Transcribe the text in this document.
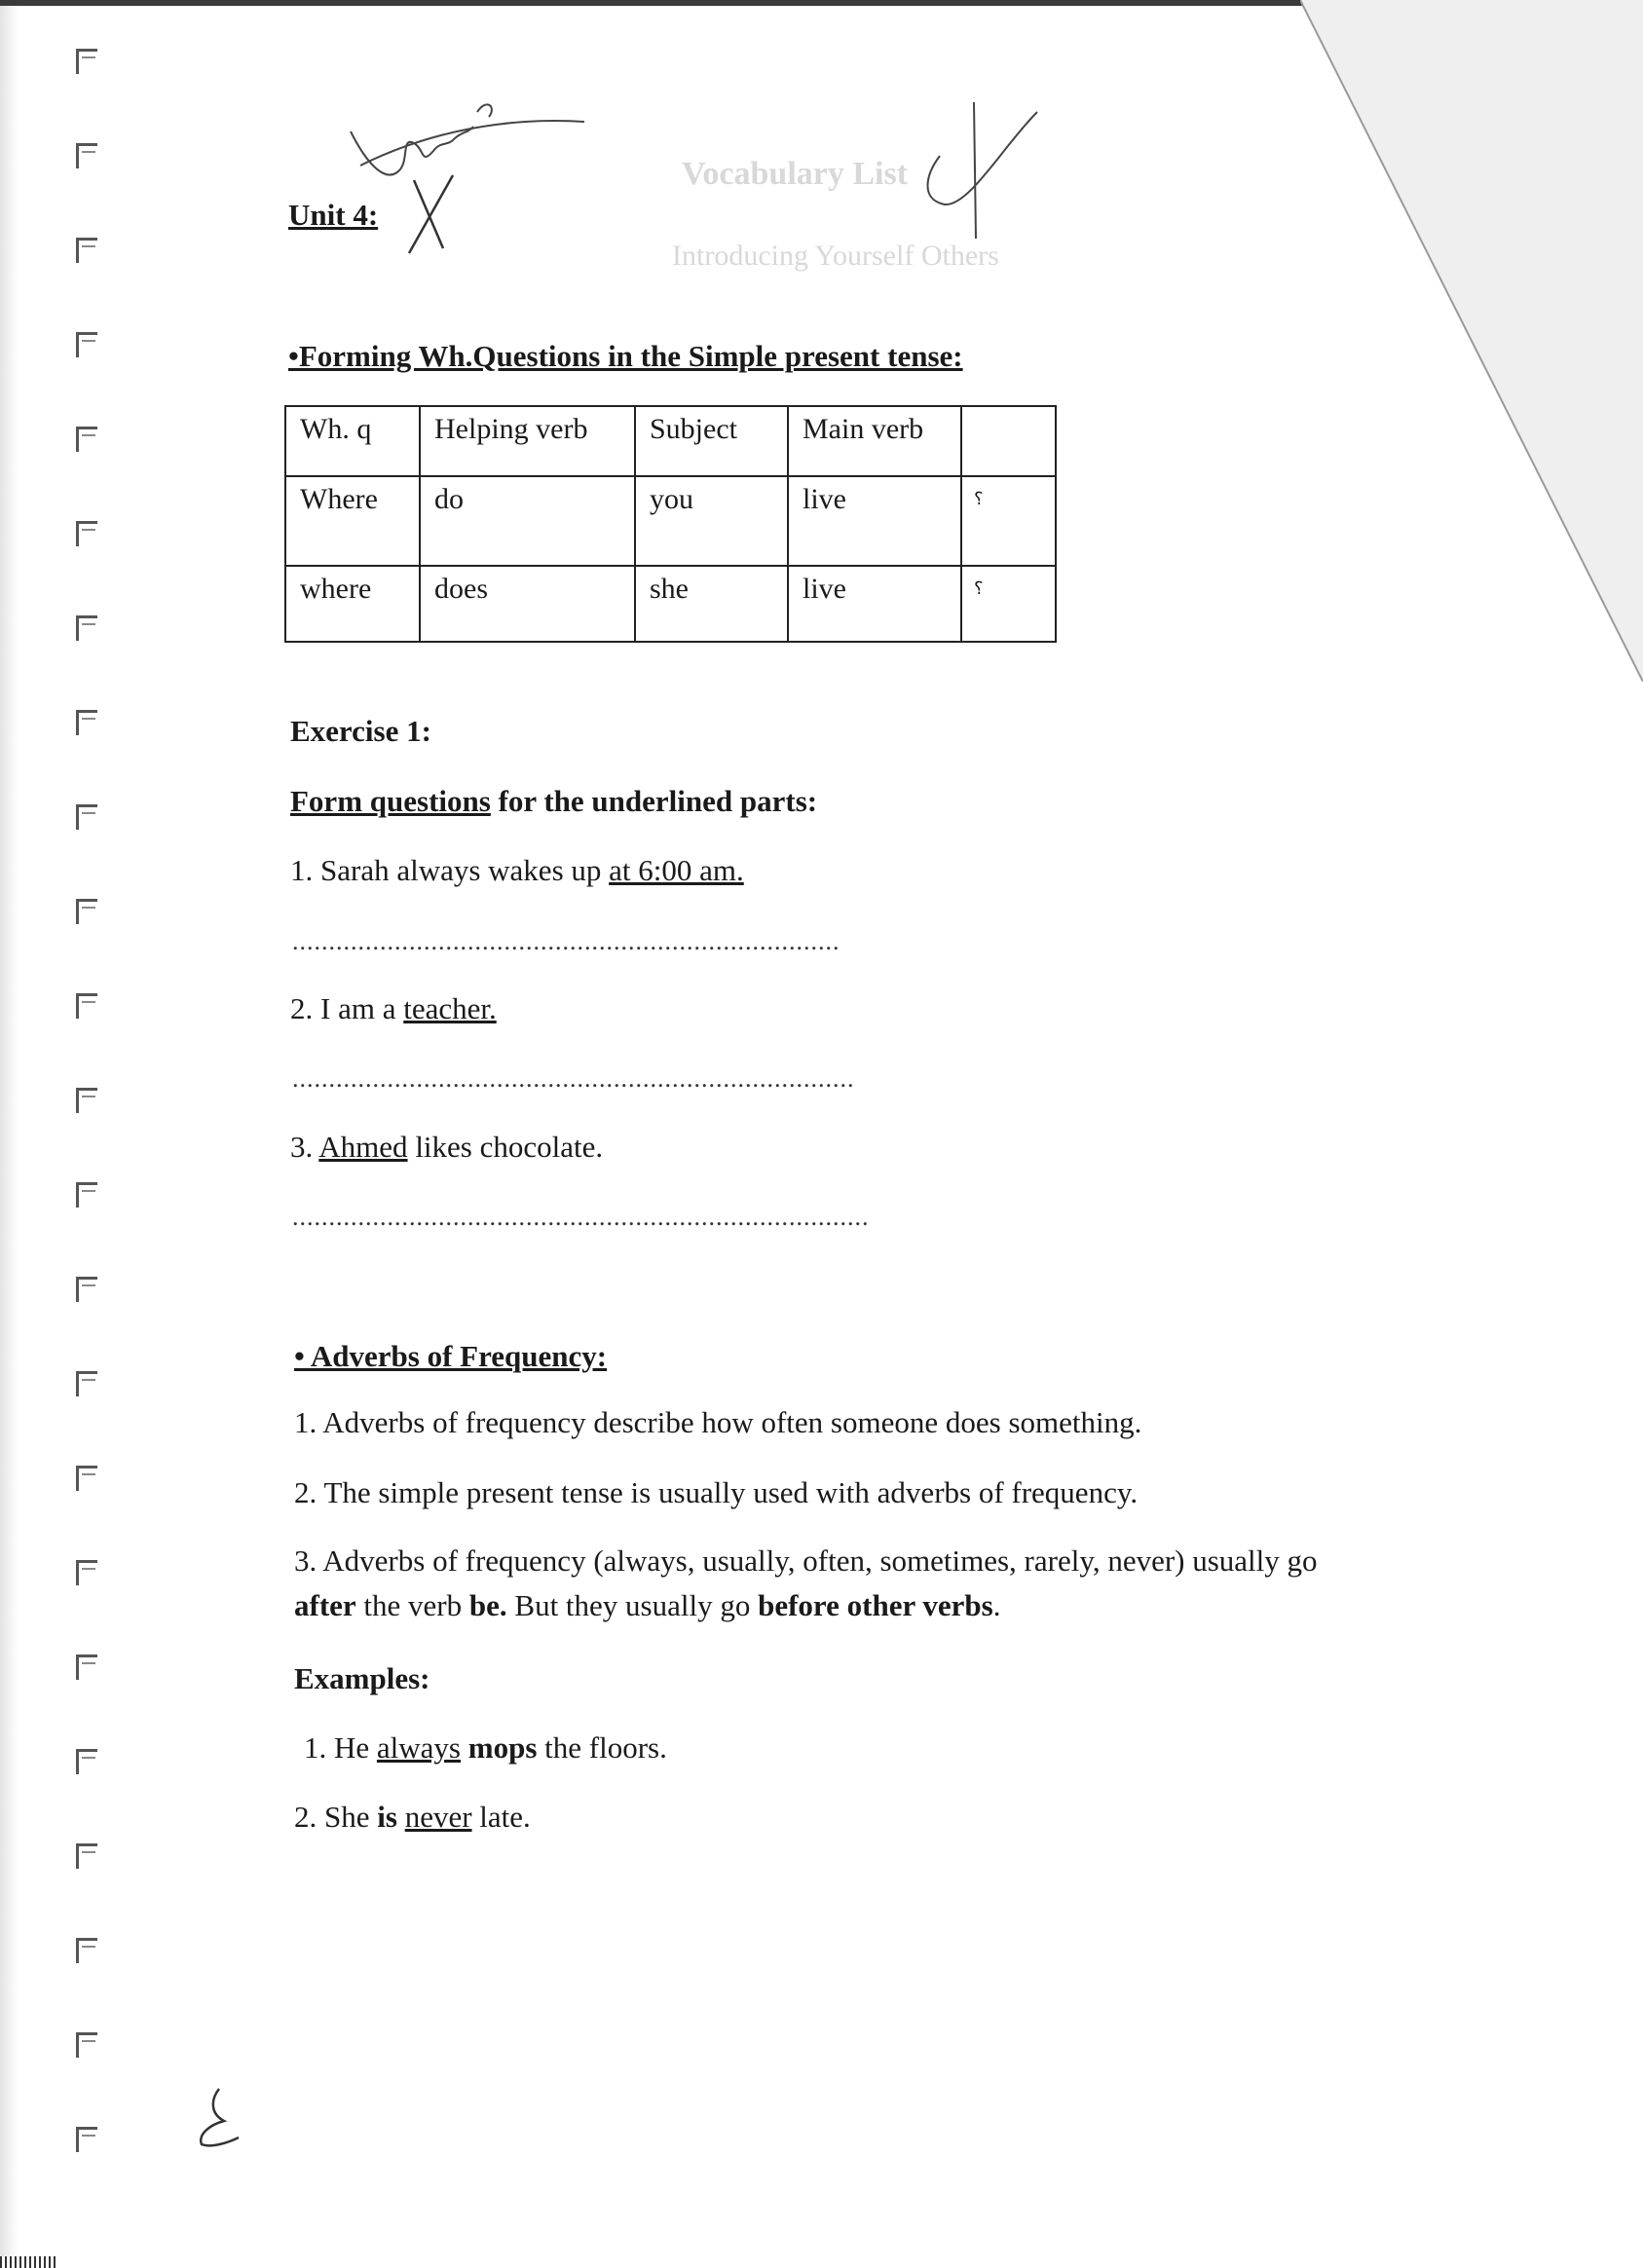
Vocabulary List
Introducing Yourself Others
Unit 4:
•Forming Wh.Questions in the Simple present tense:
Wh. q	Helping verb	Subject	Main verb	
Where	do	you	live	؟
where	does	she	live	؟
Exercise 1:
Form questions for the underlined parts:
1. Sarah always wakes up at 6:00 am.
...........................................................................
2. I am a teacher.
.............................................................................
3. Ahmed likes chocolate.
...............................................................................
• Adverbs of Frequency:
1. Adverbs of frequency describe how often someone does something.
2. The simple present tense is usually used with adverbs of frequency.
3. Adverbs of frequency (always, usually, often, sometimes, rarely, never) usually go
after the verb be. But they usually go before other verbs.
Examples:
1. He always mops the floors.
2. She is never late.
